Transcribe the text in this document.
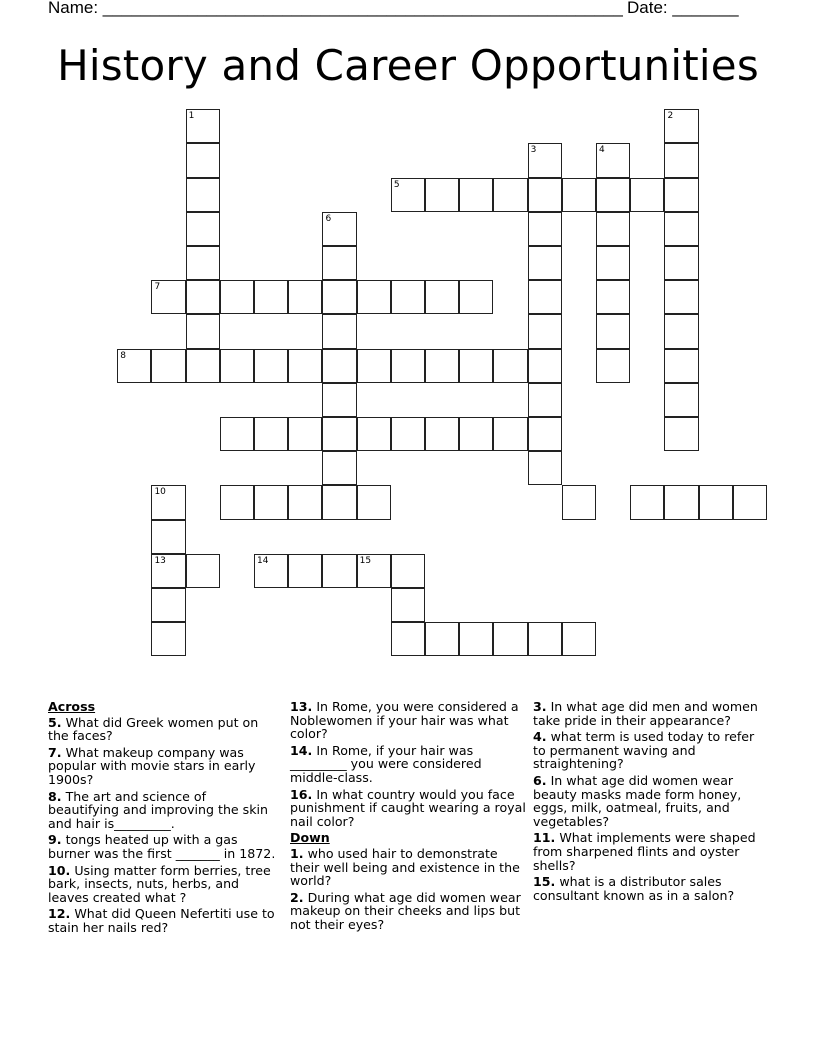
Name: _______________________________________________________ Date: _______
History and Career Opportunities
1	2
3	4
5
6
7
8
10
13	14	15
Across
5. What did Greek women put on the faces?
7. What makeup company was popular with movie stars in early 1900s?
8. The art and science of beautifying and improving the skin and hair is_________.
9. tongs heated up with a gas burner was the first _______ in 1872.
10. Using matter form berries, tree bark, insects, nuts, herbs, and leaves created what ?
12. What did Queen Nefertiti use to stain her nails red?
13. In Rome, you were considered a Noblewomen if your hair was what color?
14. In Rome, if your hair was _________ you were considered middle-class.
16. In what country would you face punishment if caught wearing a royal nail color?
Down
1. who used hair to demonstrate their well being and existence in the world?
2. During what age did women wear makeup on their cheeks and lips but not their eyes?
3. In what age did men and women take pride in their appearance?
4. what term is used today to refer to permanent waving and straightening?
6. In what age did women wear beauty masks made form honey, eggs, milk, oatmeal, fruits, and vegetables?
11. What implements were shaped from sharpened flints and oyster shells?
15. what is a distributor sales consultant known as in a salon?
